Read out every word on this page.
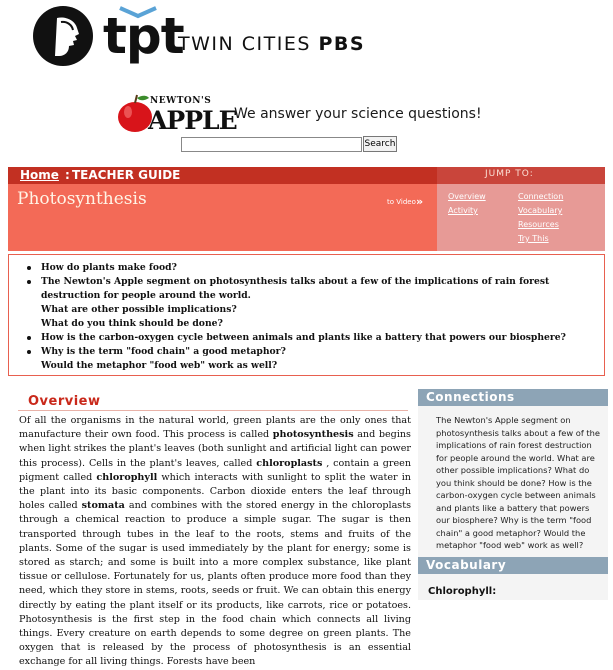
tpt
TWIN CITIES PBS
NEWTON'S
APPLE
We answer your science questions!
Search
Home : TEACHER GUIDE
Photosynthesis	to Video »
JUMP TO:
Overview
Activity
Connection
Vocabulary
Resources
Try This
How do plants make food?
The Newton's Apple segment on photosynthesis talks about a few of the implications of rain forest destruction for people around the world.
What are other possible implications?
What do you think should be done?
How is the carbon-oxygen cycle between animals and plants like a battery that powers our biosphere?
Why is the term "food chain" a good metaphor?
Would the metaphor "food web" work as well?
Overview
Of all the organisms in the natural world, green plants are the only ones that manufacture their own food. This process is called photosynthesis and begins when light strikes the plant's leaves (both sunlight and artificial light can power this process). Cells in the plant's leaves, called chloroplasts , contain a green pigment called chlorophyll which interacts with sunlight to split the water in the plant into its basic components. Carbon dioxide enters the leaf through holes called stomata and combines with the stored energy in the chloroplasts through a chemical reaction to produce a simple sugar. The sugar is then transported through tubes in the leaf to the roots, stems and fruits of the plants. Some of the sugar is used immediately by the plant for energy; some is stored as starch; and some is built into a more complex substance, like plant tissue or cellulose. Fortunately for us, plants often produce more food than they need, which they store in stems, roots, seeds or fruit. We can obtain this energy directly by eating the plant itself or its products, like carrots, rice or potatoes. Photosynthesis is the first step in the food chain which connects all living things. Every creature on earth depends to some degree on green plants. The oxygen that is released by the process of photosynthesis is an essential exchange for all living things. Forests have been
Connections
The Newton's Apple segment on photosynthesis talks about a few of the implications of rain forest destruction for people around the world. What are other possible implications? What do you think should be done? How is the carbon-oxygen cycle between animals and plants like a battery that powers our biosphere? Why is the term "food chain" a good metaphor? Would the metaphor "food web" work as well?
Vocabulary
Chlorophyll:
